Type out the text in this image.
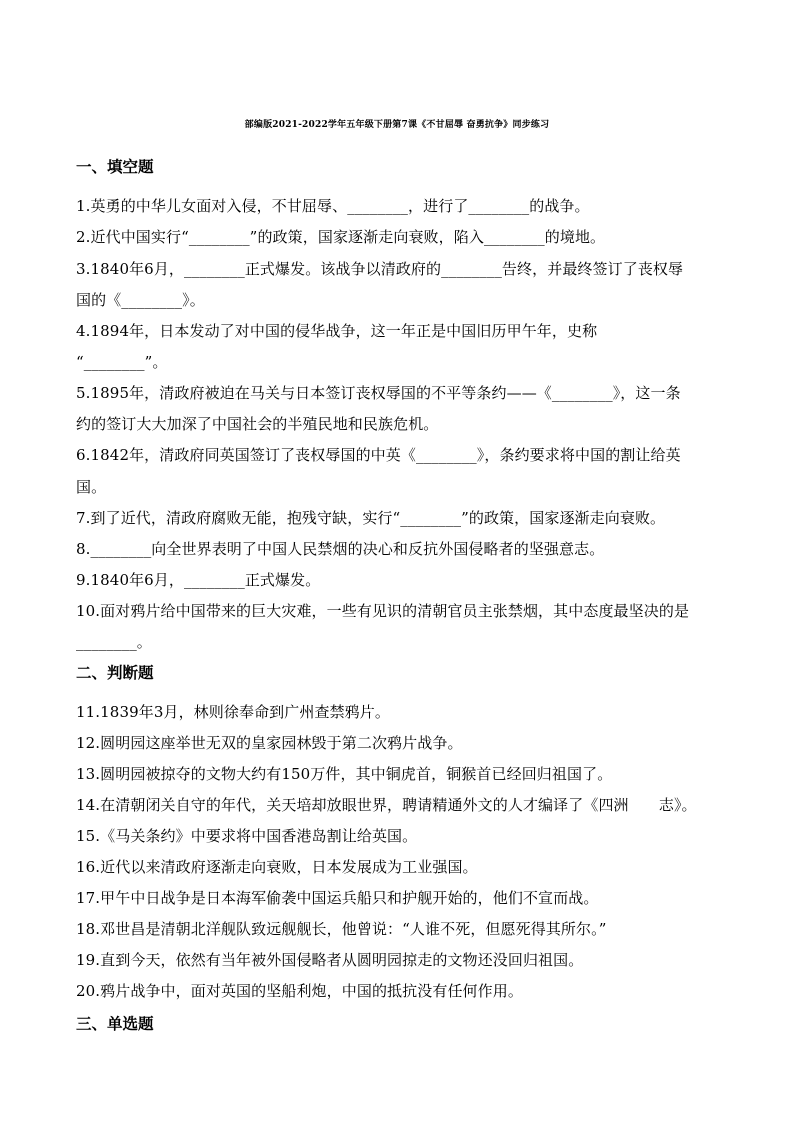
部编版2021-2022学年五年级下册第7课《不甘屈辱 奋勇抗争》同步练习
一、填空题
1.英勇的中华儿女面对入侵，不甘屈辱、________，进行了________的战争。
2.近代中国实行“________”的政策，国家逐渐走向衰败，陷入________的境地。
3.1840年6月，________正式爆发。该战争以清政府的________告终，并最终签订了丧权辱
国的《________》。
4.1894年，日本发动了对中国的侵华战争，这一年正是中国旧历甲午年，史称
“________”。
5.1895年，清政府被迫在马关与日本签订丧权辱国的不平等条约——《________》，这一条
约的签订大大加深了中国社会的半殖民地和民族危机。
6.1842年，清政府同英国签订了丧权辱国的中英《________》，条约要求将中国的割让给英
国。
7.到了近代，清政府腐败无能，抱残守缺，实行“________”的政策，国家逐渐走向衰败。
8.________向全世界表明了中国人民禁烟的决心和反抗外国侵略者的坚强意志。
9.1840年6月，________正式爆发。
10.面对鸦片给中国带来的巨大灾难，一些有见识的清朝官员主张禁烟，其中态度最坚决的是
________。
二、判断题
11.1839年3月，林则徐奉命到广州查禁鸦片。
12.圆明园这座举世无双的皇家园林毁于第二次鸦片战争。
13.圆明园被掠夺的文物大约有150万件，其中铜虎首，铜猴首已经回归祖国了。
14.在清朝闭关自守的年代，关天培却放眼世界，聘请精通外文的人才编译了《四洲　　志》。
15.《马关条约》中要求将中国香港岛割让给英国。
16.近代以来清政府逐渐走向衰败，日本发展成为工业强国。
17.甲午中日战争是日本海军偷袭中国运兵船只和护舰开始的，他们不宣而战。
18.邓世昌是清朝北洋舰队致远舰舰长，他曾说：“人谁不死，但愿死得其所尔。”
19.直到今天，依然有当年被外国侵略者从圆明园掠走的文物还没回归祖国。
20.鸦片战争中，面对英国的坚船利炮，中国的抵抗没有任何作用。
三、单选题
